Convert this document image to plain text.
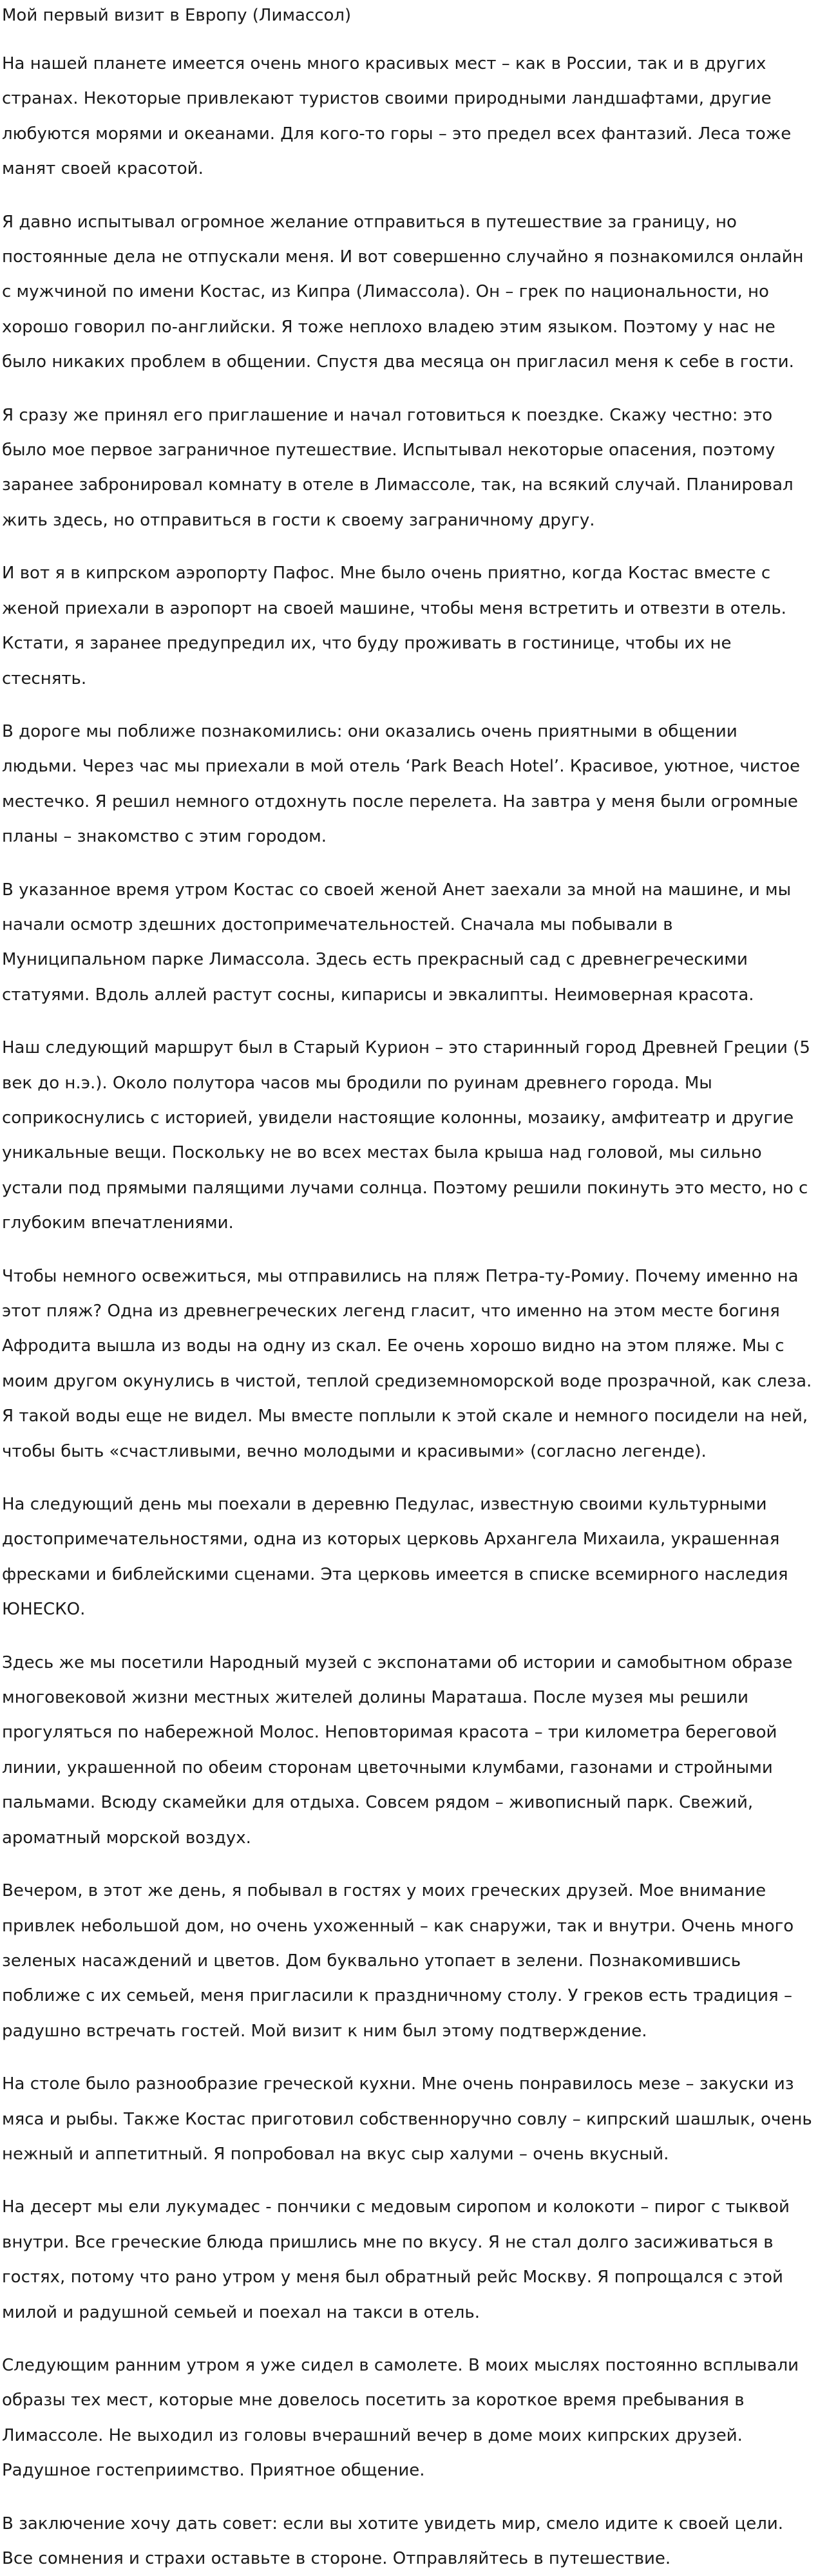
Мой первый визит в Европу (Лимассол)

На нашей планете имеется очень много красивых мест – как в России, так и в других странах. Некоторые привлекают туристов своими природными ландшафтами, другие любуются морями и океанами. Для кого-то горы – это предел всех фантазий. Леса тоже манят своей красотой.

Я давно испытывал огромное желание отправиться в путешествие за границу, но постоянные дела не отпускали меня. И вот совершенно случайно я познакомился онлайн с мужчиной по имени Костас, из Кипра (Лимассола). Он – грек по национальности, но хорошо говорил по-английски. Я тоже неплохо владею этим языком. Поэтому у нас не было никаких проблем в общении. Спустя два месяца он пригласил меня к себе в гости.

Я сразу же принял его приглашение и начал готовиться к поездке. Скажу честно: это было мое первое заграничное путешествие. Испытывал некоторые опасения, поэтому заранее забронировал комнату в отеле в Лимассоле, так, на всякий случай. Планировал жить здесь, но отправиться в гости к своему заграничному другу.

И вот я в кипрском аэропорту Пафос. Мне было очень приятно, когда Костас вместе с женой приехали в аэропорт на своей машине, чтобы меня встретить и отвезти в отель. Кстати, я заранее предупредил их, что буду проживать в гостинице, чтобы их не стеснять.

В дороге мы поближе познакомились: они оказались очень приятными в общении людьми. Через час мы приехали в мой отель ‘Park Beach Hotel’. Красивое, уютное, чистое местечко. Я решил немного отдохнуть после перелета. На завтра у меня были огромные планы – знакомство с этим городом.

В указанное время утром Костас со своей женой Анет заехали за мной на машине, и мы начали осмотр здешних достопримечательностей. Сначала мы побывали в Муниципальном парке Лимассола. Здесь есть прекрасный сад с древнегреческими статуями. Вдоль аллей растут сосны, кипарисы и эвкалипты. Неимоверная красота.

Наш следующий маршрут был в Старый Курион – это старинный город Древней Греции (5 век до н.э.). Около полутора часов мы бродили по руинам древнего города. Мы соприкоснулись с историей, увидели настоящие колонны, мозаику, амфитеатр и другие уникальные вещи. Поскольку не во всех местах была крыша над головой, мы сильно устали под прямыми палящими лучами солнца. Поэтому решили покинуть это место, но с глубоким впечатлениями.

Чтобы немного освежиться, мы отправились на пляж Петра-ту-Ромиу. Почему именно на этот пляж? Одна из древнегреческих легенд гласит, что именно на этом месте богиня Афродита вышла из воды на одну из скал. Ее очень хорошо видно на этом пляже. Мы с моим другом окунулись в чистой, теплой средиземноморской воде прозрачной, как слеза. Я такой воды еще не видел. Мы вместе поплыли к этой скале и немного посидели на ней, чтобы быть «счастливыми, вечно молодыми и красивыми» (согласно легенде).

На следующий день мы поехали в деревню Педулас, известную своими культурными достопримечательностями, одна из которых церковь Архангела Михаила, украшенная фресками и библейскими сценами. Эта церковь имеется в списке всемирного наследия ЮНЕСКО.

Здесь же мы посетили Народный музей с экспонатами об истории и самобытном образе многовековой жизни местных жителей долины Мараташа. После музея мы решили прогуляться по набережной Молос. Неповторимая красота – три километра береговой линии, украшенной по обеим сторонам цветочными клумбами, газонами и стройными пальмами. Всюду скамейки для отдыха. Совсем рядом – живописный парк. Свежий, ароматный морской воздух.

Вечером, в этот же день, я побывал в гостях у моих греческих друзей. Мое внимание привлек небольшой дом, но очень ухоженный – как снаружи, так и внутри. Очень много зеленых насаждений и цветов. Дом буквально утопает в зелени. Познакомившись поближе с их семьей, меня пригласили к праздничному столу. У греков есть традиция – радушно встречать гостей. Мой визит к ним был этому подтверждение.

На столе было разнообразие греческой кухни. Мне очень понравилось мезе – закуски из мяса и рыбы. Также Костас приготовил собственноручно совлу – кипрский шашлык, очень нежный и аппетитный. Я попробовал на вкус сыр халуми – очень вкусный.

На десерт мы ели лукумадес - пончики с медовым сиропом и колокоти – пирог с тыквой внутри. Все греческие блюда пришлись мне по вкусу. Я не стал долго засиживаться в гостях, потому что рано утром у меня был обратный рейс Москву. Я попрощался с этой милой и радушной семьей и поехал на такси в отель.

Следующим ранним утром я уже сидел в самолете. В моих мыслях постоянно всплывали образы тех мест, которые мне довелось посетить за короткое время пребывания в Лимассоле. Не выходил из головы вчерашний вечер в доме моих кипрских друзей. Радушное гостеприимство. Приятное общение.

В заключение хочу дать совет: если вы хотите увидеть мир, смело идите к своей цели. Все сомнения и страхи оставьте в стороне. Отправляйтесь в путешествие.
